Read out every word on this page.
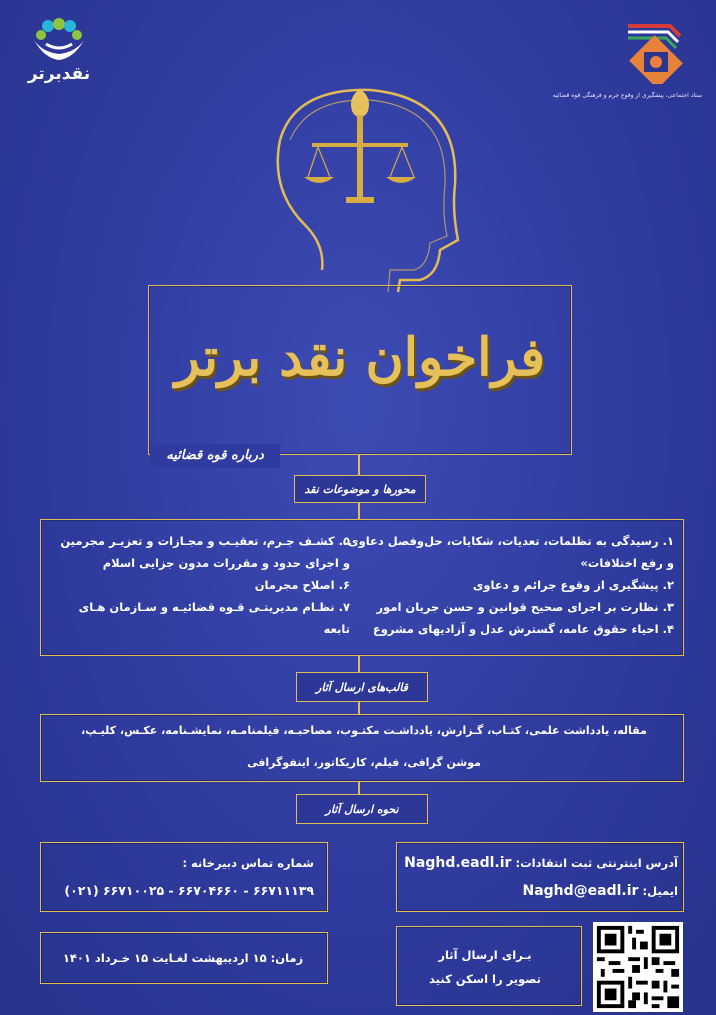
نقدبرتر
ستاد اجتماعی، پیشگیری از وقوع جرم و فرهنگی قوه قضائیه
فراخوان نقد برتر
درباره قوه قضائیه
محورها و موضوعات نقد
۱. رسیدگی به تظلمات، تعدیات، شکایات، حل‌وفصل دعاوی
و رفع اختلافات»
۲. پیشگیری از وقوع جرائم و دعاوی
۳. نظارت بر اجرای صحیح قوانین و حسن جریان امور
۴. احیاء حقوق عامه، گسترش عدل و آزادیهای مشروع
۵. کشـف جـرم، تعقیـب و مجـازات و تعزیـر مجرمین
و اجرای حدود و مقررات مدون جزایی اسلام
۶. اصلاح مجرمان
۷. نظـام مدیریتـی قـوه قضائیـه و سـازمان هـای
تابعه
قالب‌های ارسال آثار
مقاله، یادداشت علمی، کتـاب، گـزارش، یادداشـت مکتـوب، مصاحبـه، فیلمنامـه، نمایشـنامه، عکـس، کلیـپ،
موشن گرافی، فیلم، کاریکاتور، اینفوگرافی
نحوه ارسال آثار
آدرس اینترنتی ثبت انتقادات: Naghd.eadl.ir
ایمیل: Naghd@eadl.ir
شماره تماس دبیرخانه :
۶۶۷۱۱۱۳۹ - ۶۶۷۰۴۶۶۰ - ۶۶۷۱۰۰۲۵ (۰۲۱)
زمان: ۱۵ اردیبهشت لغـایت ۱۵ خـرداد ۱۴۰۱	بـرای ارسال آثار
تصویر را اسکن کنید
